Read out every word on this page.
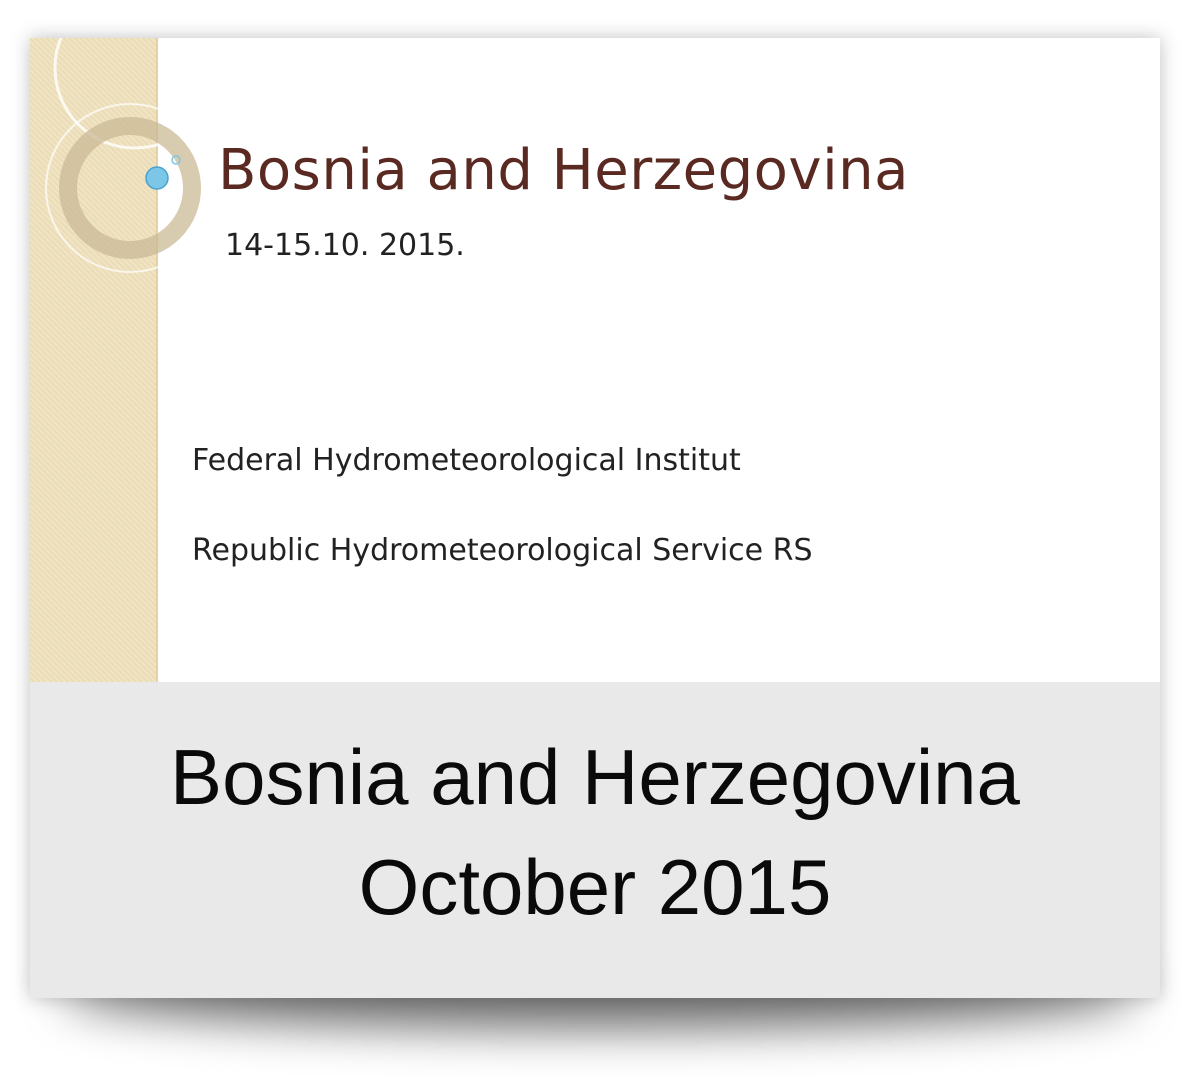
Bosnia and Herzegovina
14-15.10. 2015.
Federal Hydrometeorological Institut
Republic Hydrometeorological Service RS
Bosnia and Herzegovina
October 2015
